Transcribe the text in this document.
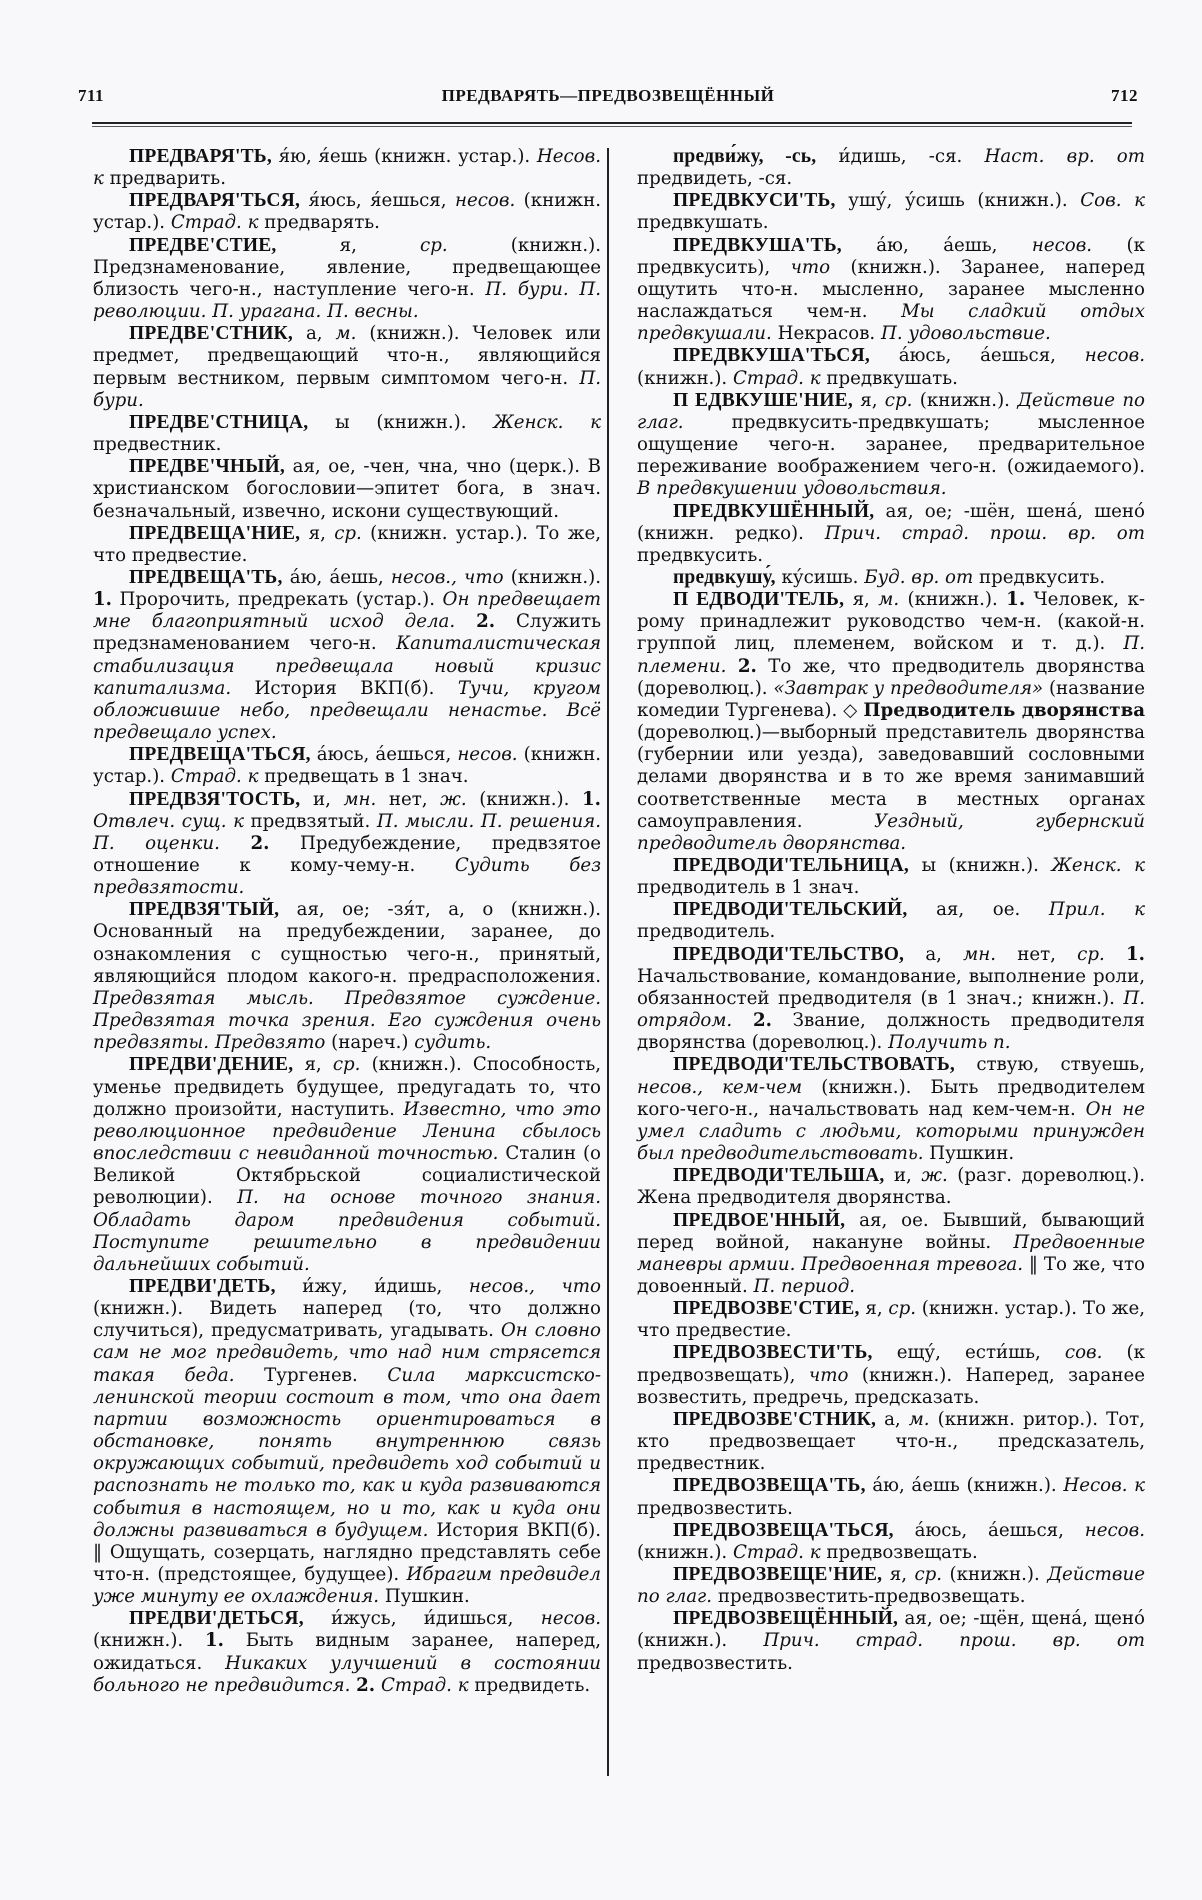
ПРЕДВАРЯТЬ—ПРЕДВОЗВЕЩЁННЫЙ
711	712

ПРЕДВАРЯ'ТЬ, я́ю, я́ешь (книжн. устар.). Несов. к предварить.

ПРЕДВАРЯ'ТЬСЯ, я́юсь, я́ешься, несов. (книжн. устар.). Страд. к предварять.

ПРЕДВЕ'СТИЕ, я, ср. (книжн.). Предзнаменование, явление, предвещающее близость чего-н., наступление чего-н. П. бури. П. революции. П. урагана. П. весны.

ПРЕДВЕ'СТНИК, а, м. (книжн.). Человек или предмет, предвещающий что-н., являющийся первым вестником, первым симптомом чего-н. П. бури.

ПРЕДВЕ'СТНИЦА, ы (книжн.). Женск. к предвестник.

ПРЕДВЕ'ЧНЫЙ, ая, ое, -чен, чна, чно (церк.). В христианском богословии—эпитет бога, в знач. безначальный, извечно, искони существующий.

ПРЕДВЕЩА'НИЕ, я, ср. (книжн. устар.). То же, что предвестие.

ПРЕДВЕЩА'ТЬ, а́ю, а́ешь, несов., что (книжн.). 1. Пророчить, предрекать (устар.). Он предвещает мне благоприятный исход дела. 2. Служить предзнаменованием чего-н. Капиталистическая стабилизация предвещала новый кризис капитализма. История ВКП(б). Тучи, кругом обложившие небо, предвещали ненастье. Всё предвещало успех.

ПРЕДВЕЩА'ТЬСЯ, а́юсь, а́ешься, несов. (книжн. устар.). Страд. к предвещать в 1 знач.

ПРЕДВЗЯ'ТОСТЬ, и, мн. нет, ж. (книжн.). 1. Отвлеч. сущ. к предвзятый. П. мысли. П. решения. П. оценки. 2. Предубеждение, предвзятое отношение к кому-чему-н. Судить без предвзятости.

ПРЕДВЗЯ'ТЫЙ, ая, ое; -зя́т, а, о (книжн.). Основанный на предубеждении, заранее, до ознакомления с сущностью чего-н., принятый, являющийся плодом какого-н. предрасположения. Предвзятая мысль. Предвзятое суждение. Предвзятая точка зрения. Его суждения очень предвзяты. Предвзято (нареч.) судить.

ПРЕДВИ'ДЕНИЕ, я, ср. (книжн.). Способность, уменье предвидеть будущее, предугадать то, что должно произойти, наступить. Известно, что это революционное предвидение Ленина сбылось впоследствии с невиданной точностью. Сталин (о Великой Октябрьской социалистической революции). П. на основе точного знания. Обладать даром предвидения событий. Поступите решительно в предвидении дальнейших событий.

ПРЕДВИ'ДЕТЬ, и́жу, и́дишь, несов., что (книжн.). Видеть наперед (то, что должно случиться), предусматривать, угадывать. Он словно сам не мог предвидеть, что над ним стрясется такая беда. Тургенев. Сила марксистско-ленинской теории состоит в том, что она дает партии возможность ориентироваться в обстановке, понять внутреннюю связь окружающих событий, предвидеть ход событий и распознать не только то, как и куда развиваются события в настоящем, но и то, как и куда они должны развиваться в будущем. История ВКП(б). ‖ Ощущать, созерцать, наглядно представлять себе что-н. (предстоящее, будущее). Ибрагим предвидел уже минуту ее охлаждения. Пушкин.

ПРЕДВИ'ДЕТЬСЯ, и́жусь, и́дишься, несов. (книжн.). 1. Быть видным заранее, наперед, ожидаться. Никаких улучшений в состоянии больного не предвидится. 2. Страд. к предвидеть.

предви́жу, -сь, и́дишь, -ся. Наст. вр. от предвидеть, -ся.

ПРЕДВКУСИ'ТЬ, ушу́, у́сишь (книжн.). Сов. к предвкушать.

ПРЕДВКУША'ТЬ, а́ю, а́ешь, несов. (к предвкусить), что (книжн.). Заранее, наперед ощутить что-н. мысленно, заранее мысленно наслаждаться чем-н. Мы сладкий отдых предвкушали. Некрасов. П. удовольствие.

ПРЕДВКУША'ТЬСЯ, а́юсь, а́ешься, несов. (книжн.). Страд. к предвкушать.

П ЕДВКУШЕ'НИЕ, я, ср. (книжн.). Действие по глаг. предвкусить-предвкушать; мысленное ощущение чего-н. заранее, предварительное переживание воображением чего-н. (ожидаемого). В предвкушении удовольствия.

ПРЕДВКУШЁННЫЙ, ая, ое; -шён, шена́, шено́ (книжн. редко). Прич. страд. прош. вр. от предвкусить.

предвкушу́, ку́сишь. Буд. вр. от предвкусить.

П ЕДВОДИ'ТЕЛЬ, я, м. (книжн.). 1. Человек, к-рому принадлежит руководство чем-н. (какой-н. группой лиц, племенем, войском и т. д.). П. племени. 2. То же, что предводитель дворянства (дореволюц.). «Завтрак у предводителя» (название комедии Тургенева). ◇ Предводитель дворянства (дореволюц.)—выборный представитель дворянства (губернии или уезда), заведовавший сословными делами дворянства и в то же время занимавший соответственные места в местных органах самоуправления. Уездный, губернский предводитель дворянства.

ПРЕДВОДИ'ТЕЛЬНИЦА, ы (книжн.). Женск. к предводитель в 1 знач.

ПРЕДВОДИ'ТЕЛЬСКИЙ, ая, ое. Прил. к предводитель.

ПРЕДВОДИ'ТЕЛЬСТВО, а, мн. нет, ср. 1. Начальствование, командование, выполнение роли, обязанностей предводителя (в 1 знач.; книжн.). П. отрядом. 2. Звание, должность предводителя дворянства (дореволюц.). Получить п.

ПРЕДВОДИ'ТЕЛЬСТВОВАТЬ, ствую, ствуешь, несов., кем-чем (книжн.). Быть предводителем кого-чего-н., начальствовать над кем-чем-н. Он не умел сладить с людьми, которыми принужден был предводительствовать. Пушкин.

ПРЕДВОДИ'ТЕЛЬША, и, ж. (разг. дореволюц.). Жена предводителя дворянства.

ПРЕДВОЕ'ННЫЙ, ая, ое. Бывший, бывающий перед войной, накануне войны. Предвоенные маневры армии. Предвоенная тревога. ‖ То же, что довоенный. П. период.

ПРЕДВОЗВЕ'СТИЕ, я, ср. (книжн. устар.). То же, что предвестие.

ПРЕДВОЗВЕСТИ'ТЬ, ещу́, ести́шь, сов. (к предвозвещать), что (книжн.). Наперед, заранее возвестить, предречь, предсказать.

ПРЕДВОЗВЕ'СТНИК, а, м. (книжн. ритор.). Тот, кто предвозвещает что-н., предсказатель, предвестник.

ПРЕДВОЗВЕЩА'ТЬ, а́ю, а́ешь (книжн.). Несов. к предвозвестить.

ПРЕДВОЗВЕЩА'ТЬСЯ, а́юсь, а́ешься, несов. (книжн.). Страд. к предвозвещать.

ПРЕДВОЗВЕЩЕ'НИЕ, я, ср. (книжн.). Действие по глаг. предвозвестить-предвозвещать.

ПРЕДВОЗВЕЩЁННЫЙ, ая, ое; -щён, щена́, щено́ (книжн.). Прич. страд. прош. вр. от предвозвестить.
